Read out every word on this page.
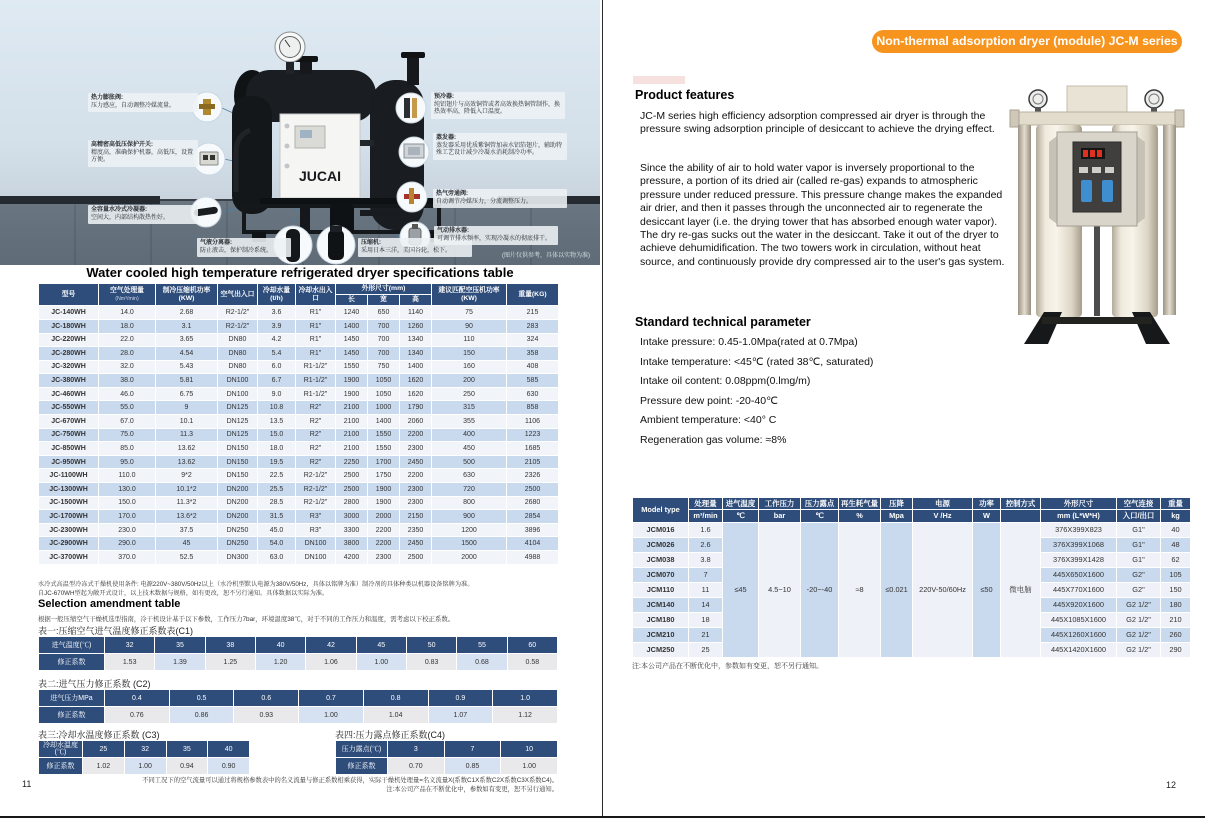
JUCAI
热力膨胀阀:
压力感应，自动调整冷媒流量。
高精密高低压保护开关:
精度高，准确保护机器，高低压，设置方便。
全容量水冷式冷凝器:
空间大，内部结构散热性好。
气液分离器:
防止液击，保护制冷系统。
压缩机:
采用日本三洋，美国谷轮，松下。
预冷器:
纯铝翅片与高效铜管或者高效换热铜管制作，换热效率高，降低入口温度。
蒸发器:
蒸发器采用优质紫铜管加亲水铝箔翅片，辅助特殊工艺设计减少冷凝水消耗制冷功率。
热气旁通阀:
自动调节冷媒压力，分流调整压力。
气动排水器:
可调节排水频率，实现冷凝水的彻底排干。
(图片仅供参考，具体以实物为准)
Water cooled high temperature refrigerated dryer specifications table
型号	空气处理量
(Nm³/min)	制冷压缩机功率(KW)	空气出入口	冷却水量(t/h)	冷却水出入口	外形尺寸(mm)			建议匹配空压机功率(KW)	重量(KG)
						长	宽	高		
JC-140WH	14.0	2.68	R2-1/2"	3.6	R1"	1240	650	1140	75	215
JC-180WH	18.0	3.1	R2-1/2"	3.9	R1"	1400	700	1260	90	283
JC-220WH	22.0	3.65	DN80	4.2	R1"	1450	700	1340	110	324
JC-280WH	28.0	4.54	DN80	5.4	R1"	1450	700	1340	150	358
JC-320WH	32.0	5.43	DN80	6.0	R1-1/2"	1550	750	1400	160	408
JC-380WH	38.0	5.81	DN100	6.7	R1-1/2"	1900	1050	1620	200	585
JC-460WH	46.0	6.75	DN100	9.0	R1-1/2"	1900	1050	1620	250	630
JC-550WH	55.0	9	DN125	10.8	R2"	2100	1000	1790	315	858
JC-670WH	67.0	10.1	DN125	13.5	R2"	2100	1400	2060	355	1106
JC-750WH	75.0	11.3	DN125	15.0	R2"	2100	1550	2200	400	1223
JC-850WH	85.0	13.62	DN150	18.0	R2"	2100	1550	2300	450	1685
JC-950WH	95.0	13.62	DN150	19.5	R2"	2250	1700	2450	500	2105
JC-1100WH	110.0	9*2	DN150	22.5	R2-1/2"	2500	1750	2200	630	2326
JC-1300WH	130.0	10.1*2	DN200	25.5	R2-1/2"	2500	1900	2300	720	2500
JC-1500WH	150.0	11.3*2	DN200	28.5	R2-1/2"	2800	1900	2300	800	2680
JC-1700WH	170.0	13.6*2	DN200	31.5	R3"	3000	2000	2150	900	2854
JC-2300WH	230.0	37.5	DN250	45.0	R3"	3300	2200	2350	1200	3896
JC-2900WH	290.0	45	DN250	54.0	DN100	3800	2200	2450	1500	4104
JC-3700WH	370.0	52.5	DN300	63.0	DN100	4200	2300	2500	2000	4988
水冷式高温型冷冻式干燥机使用条件: 电源220V~380V/50Hz以上（水冷机型默认电源为380V/50Hz，具体以铭牌为准）制冷剂的具体种类以机器设备铭牌为准。
自JC-670WH型起为敞开式设计，以上技术数据与规格，如有更改，恕不另行通知。具体数据以实际为准。
Selection amendment table
根据一般压缩空气干燥机选型指南，冷干机设计基于以下参数，工作压力7bar，环境温度38℃，对于不同的工作压力和温度，需考虑以下校正系数。
表一:压缩空气进气温度修正系数表(C1)
进气温度(℃)	32	35	38	40	42	45	50	55	60
修正系数	1.53	1.39	1.25	1.20	1.06	1.00	0.83	0.68	0.58
表二:进气压力修正系数 (C2)
进气压力MPa	0.4	0.5	0.6	0.7	0.8	0.9	1.0
修正系数	0.76	0.86	0.93	1.00	1.04	1.07	1.12
表三:冷却水温度修正系数 (C3)
冷却水温度(℃)	25	32	35	40
修正系数	1.02	1.00	0.94	0.90
表四:压力露点修正系数(C4)
压力露点(℃)	3	7	10
修正系数	0.70	0.85	1.00
不同工况下的空气流量可以通过将规格参数表中的名义流量与修正系数相乘获得，实际干燥机处理量=名义流量X(系数C1X系数C2X系数C3X系数C4)。
注:本公司产品在不断优化中，参数如有变更，恕不另行通知。
11
Non-thermal adsorption dryer (module) JC-M series
Product features
JC-M series high efficiency adsorption compressed air dryer is through the pressure swing adsorption principle of desiccant to achieve the drying effect.
Since the ability of air to hold water vapor is inversely proportional to the pressure, a portion of its dried air (called re-gas) expands to atmospheric pressure under reduced pressure. This pressure change makes the expanded air drier, and then it passes through the unconnected air to regenerate the desiccant layer (i.e. the drying tower that has absorbed enough water vapor). The dry re-gas sucks out the water in the desiccant. Take it out of the dryer to achieve dehumidification. The two towers work in circulation, without heat source, and continuously provide dry compressed air to the user's gas system.
Standard technical parameter
Intake pressure: 0.45-1.0Mpa(rated at 0.7Mpa)
Intake temperature: <45℃ (rated 38℃, saturated)
Intake oil content: 0.08ppm(0.lmg/m)
Pressure dew point: -20-40℃
Ambient temperature: <40° C
Regeneration gas volume: ≈8%
Model type	处理量	进气温度	工作压力	压力露点	再生耗气量	压降	电源	功率	控制方式	外形尺寸	空气连接	重量
	m³/min	℃	bar	℃	%	Mpa	V /Hz	W		mm (L*W*H)	入口/出口	kg
JCM016	1.6	≤45	4.5~10	-20~-40	≈8	≤0.021	220V-50/60Hz	≤50	微电脑	376X399X823	G1"	40
JCM026	2.6									376X399X1068	G1"	48
JCM038	3.8									376X399X1428	G1"	62
JCM070	7									445X650X1600	G2"	105
JCM110	11									445X770X1600	G2"	150
JCM140	14									445X920X1600	G2 1/2"	180
JCM180	18									445X1085X1600	G2 1/2"	210
JCM210	21									445X1260X1600	G2 1/2"	260
JCM250	25									445X1420X1600	G2 1/2"	290
注:本公司产品在不断优化中，参数如有变更，恕不另行通知。
12
